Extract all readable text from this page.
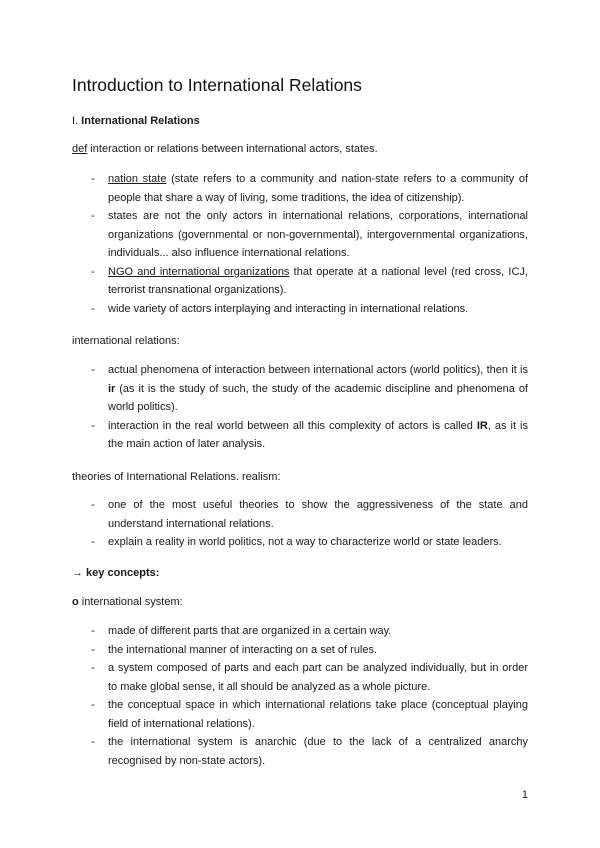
Introduction to International Relations

I. International Relations

def interaction or relations between international actors, states.

- nation state (state refers to a community and nation-state refers to a community of people that share a way of living, some traditions, the idea of citizenship).
- states are not the only actors in international relations, corporations, international organizations (governmental or non-governmental), intergovernmental organizations, individuals... also influence international relations.
- NGO and international organizations that operate at a national level (red cross, ICJ, terrorist transnational organizations).
- wide variety of actors interplaying and interacting in international relations.

international relations:

- actual phenomena of interaction between international actors (world politics), then it is ir (as it is the study of such, the study of the academic discipline and phenomena of world politics).
- interaction in the real world between all this complexity of actors is called IR, as it is the main action of later analysis.

theories of International Relations. realism:

- one of the most useful theories to show the aggressiveness of the state and understand international relations.
- explain a reality in world politics, not a way to characterize world or state leaders.

→ key concepts:

o international system:

- made of different parts that are organized in a certain way.
- the international manner of interacting on a set of rules.
- a system composed of parts and each part can be analyzed individually, but in order to make global sense, it all should be analyzed as a whole picture.
- the conceptual space in which international relations take place (conceptual playing field of international relations).
- the international system is anarchic (due to the lack of a centralized anarchy recognised by non-state actors).
1
